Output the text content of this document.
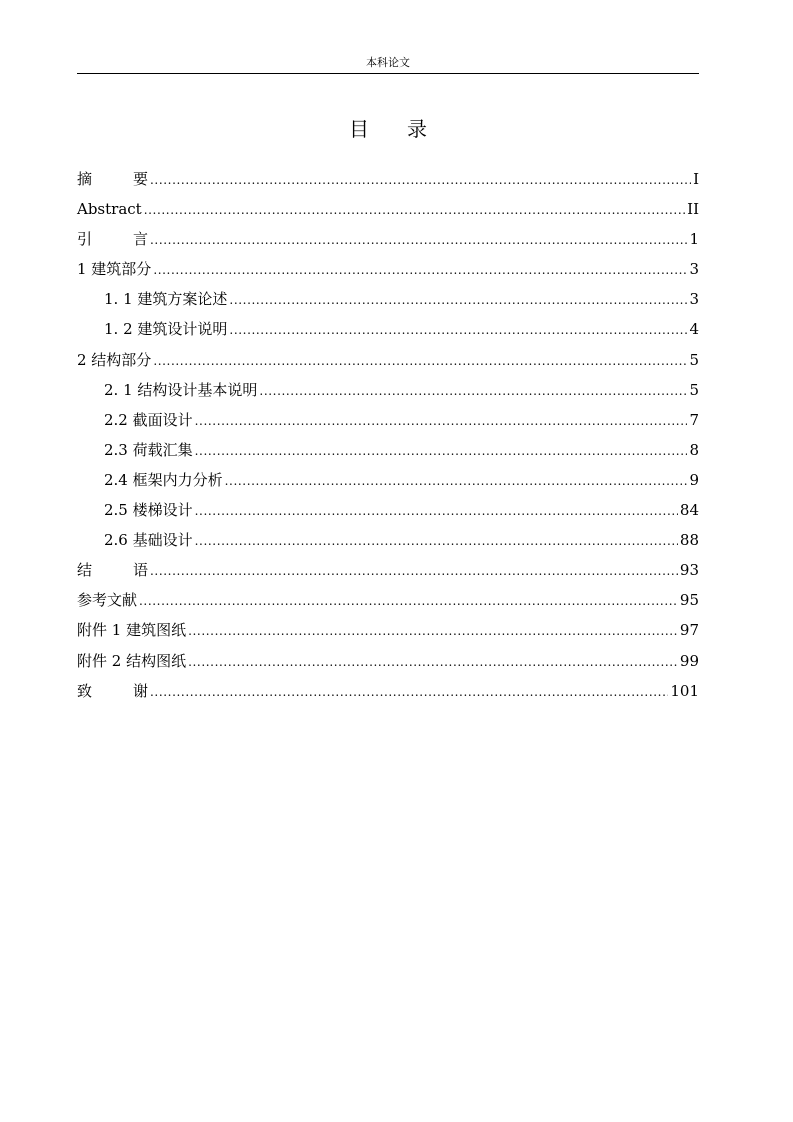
本科论文
目录
摘	要 .....	I
Abstract .....	II
引	言 .....	1
1 建筑部分 .....	3
1. 1 建筑方案论述 .....	3
1. 2 建筑设计说明 .....	4
2 结构部分 .....	5
2. 1 结构设计基本说明 .....	5
2.2 截面设计 .....	7
2.3 荷载汇集 .....	8
2.4 框架内力分析 .....	9
2.5 楼梯设计 .....	84
2.6 基础设计 .....	88
结	语 .....	93
参考文献 .....	95
附件 1 建筑图纸 .....	97
附件 2 结构图纸 .....	99
致	谢 .....	101
